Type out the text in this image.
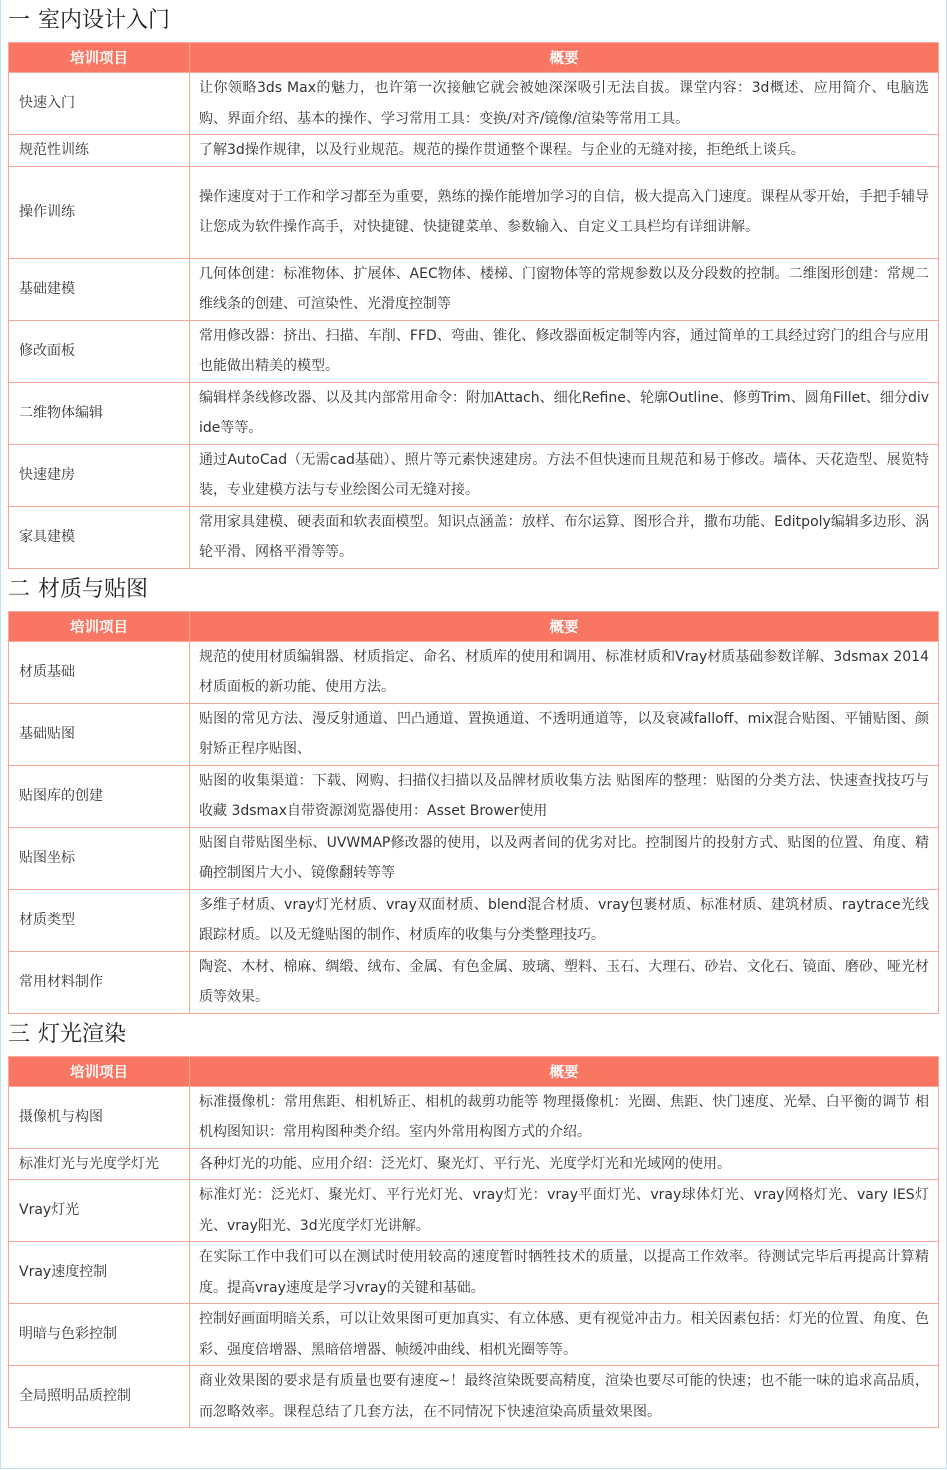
一 室内设计入门
培训项目	概要
快速入门	让你领略3ds Max的魅力，也许第一次接触它就会被她深深吸引无法自拔。课堂内容：3d概述、应用简介、电脑选购、界面介绍、基本的操作、学习常用工具：变换/对齐/镜像/渲染等常用工具。
规范性训练	了解3d操作规律，以及行业规范。规范的操作贯通整个课程。与企业的无缝对接，拒绝纸上谈兵。
操作训练	操作速度对于工作和学习都至为重要，熟练的操作能增加学习的自信，极大提高入门速度。课程从零开始，手把手辅导让您成为软件操作高手，对快捷键、快捷键菜单、参数输入、自定义工具栏均有详细讲解。
基础建模	几何体创建：标准物体、扩展体、AEC物体、楼梯、门窗物体等的常规参数以及分段数的控制。二维图形创建：常规二维线条的创建、可渲染性、光滑度控制等
修改面板	常用修改器：挤出、扫描、车削、FFD、弯曲、锥化、修改器面板定制等内容，通过简单的工具经过窍门的组合与应用也能做出精美的模型。
二维物体编辑	编辑样条线修改器、以及其内部常用命令：附加Attach、细化Refine、轮廓Outline、修剪Trim、圆角Fillet、细分divide等等。
快速建房	通过AutoCad（无需cad基础）、照片等元素快速建房。方法不但快速而且规范和易于修改。墙体、天花造型、展览特装，专业建模方法与专业绘图公司无缝对接。
家具建模	常用家具建模、硬表面和软表面模型。知识点涵盖：放样、布尔运算、图形合并，撒布功能、Editpoly编辑多边形、涡轮平滑、网格平滑等等。
二 材质与贴图
培训项目	概要
材质基础	规范的使用材质编辑器、材质指定、命名、材质库的使用和调用、标准材质和Vray材质基础参数详解、3dsmax 2014材质面板的新功能、使用方法。
基础贴图	贴图的常见方法、漫反射通道、凹凸通道、置换通道、不透明通道等，以及衰减falloff、mix混合贴图、平铺贴图、颜射矫正程序贴图、
贴图库的创建	贴图的收集渠道：下载、网购、扫描仪扫描以及品牌材质收集方法 贴图库的整理：贴图的分类方法、快速查找技巧与收藏 3dsmax自带资源浏览器使用：Asset Brower使用
贴图坐标	贴图自带贴图坐标、UVWMAP修改器的使用，以及两者间的优劣对比。控制图片的投射方式、贴图的位置、角度、精确控制图片大小、镜像翻转等等
材质类型	多维子材质、vray灯光材质、vray双面材质、blend混合材质、vray包裹材质、标准材质、建筑材质、raytrace光线跟踪材质。以及无缝贴图的制作、材质库的收集与分类整理技巧。
常用材料制作	陶瓷、木材、棉麻、绸缎、绒布、金属、有色金属、玻璃、塑料、玉石、大理石、砂岩、文化石、镜面、磨砂、哑光材质等效果。
三 灯光渲染
培训项目	概要
摄像机与构图	标准摄像机：常用焦距、相机矫正、相机的裁剪功能等 物理摄像机：光圈、焦距、快门速度、光晕、白平衡的调节 相机构图知识：常用构图种类介绍。室内外常用构图方式的介绍。
标准灯光与光度学灯光	各种灯光的功能、应用介绍：泛光灯、聚光灯、平行光、光度学灯光和光域网的使用。
Vray灯光	标准灯光：泛光灯、聚光灯、平行光灯光、vray灯光：vray平面灯光、vray球体灯光、vray网格灯光、vary IES灯光、vray阳光、3d光度学灯光讲解。
Vray速度控制	在实际工作中我们可以在测试时使用较高的速度暂时牺牲技术的质量，以提高工作效率。待测试完毕后再提高计算精度。提高vray速度是学习vray的关键和基础。
明暗与色彩控制	控制好画面明暗关系，可以让效果图可更加真实、有立体感、更有视觉冲击力。相关因素包括：灯光的位置、角度、色彩、强度倍增器、黑暗倍增器、帧缓冲曲线、相机光圈等等。
全局照明品质控制	商业效果图的要求是有质量也要有速度~！最终渲染既要高精度，渲染也要尽可能的快速；也不能一味的追求高品质，而忽略效率。课程总结了几套方法，在不同情况下快速渲染高质量效果图。
